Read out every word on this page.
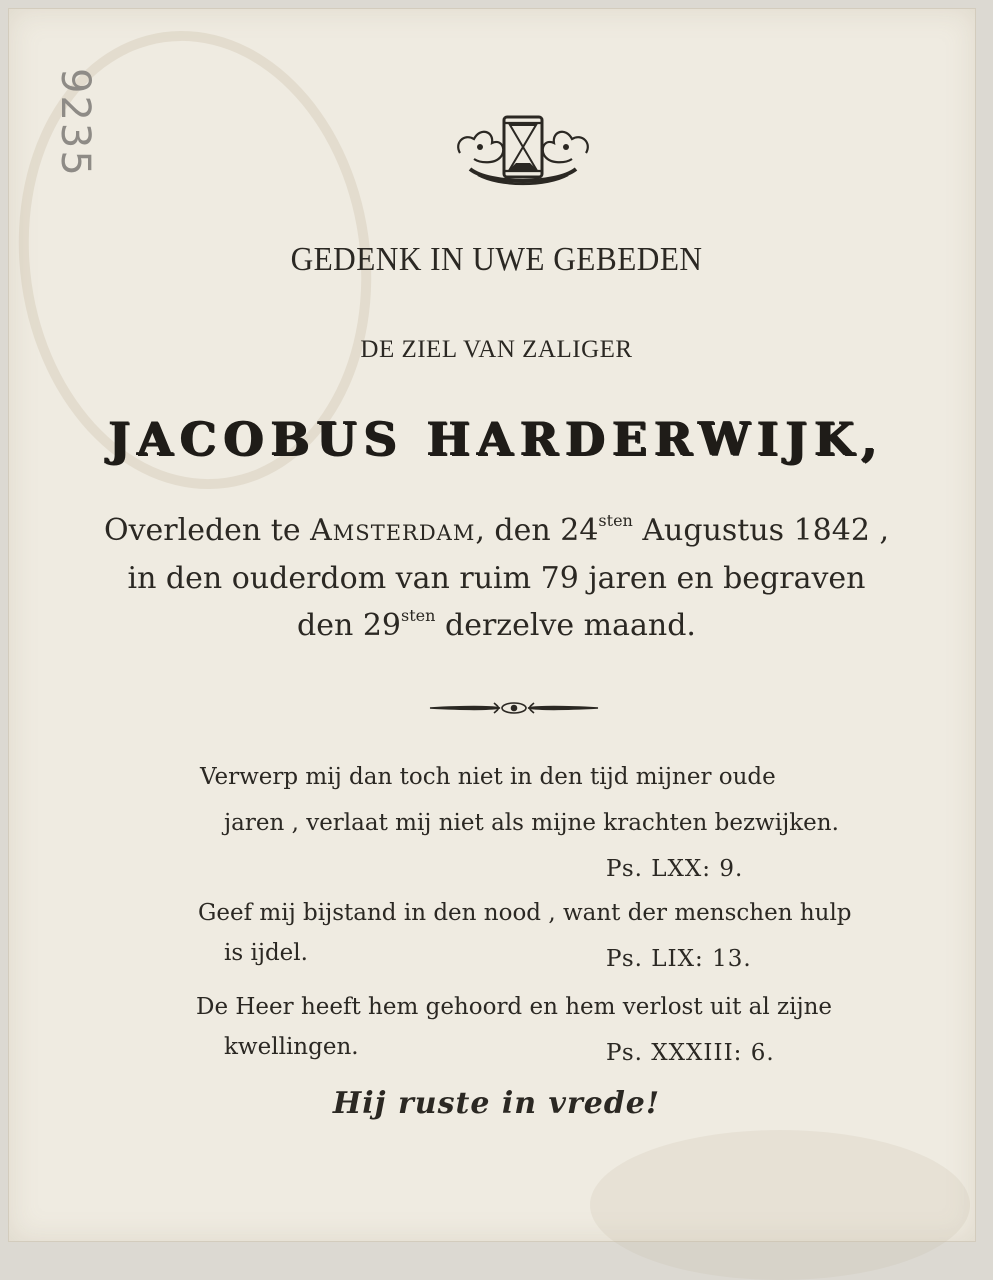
9235
GEDENK IN UWE GEBEDEN
DE ZIEL VAN ZALIGER
JACOBUS HARDERWIJK,
Overleden te Amsterdam, den $24^{sten}$ Augustus 1842 ,
in den ouderdom van ruim 79 jaren en begraven
den $29^{sten}$ derzelve maand.
Verwerp mij dan toch niet in den tijd mijner oude
jaren , verlaat mij niet als mijne krachten bezwijken.
Ps. LXX: 9.
Geef mij bijstand in den nood , want der menschen hulp
is ijdel.	Ps. LIX: 13.
De Heer heeft hem gehoord en hem verlost uit al zijne
kwellingen.	Ps. XXXIII: 6.
Hij ruste in vrede!
